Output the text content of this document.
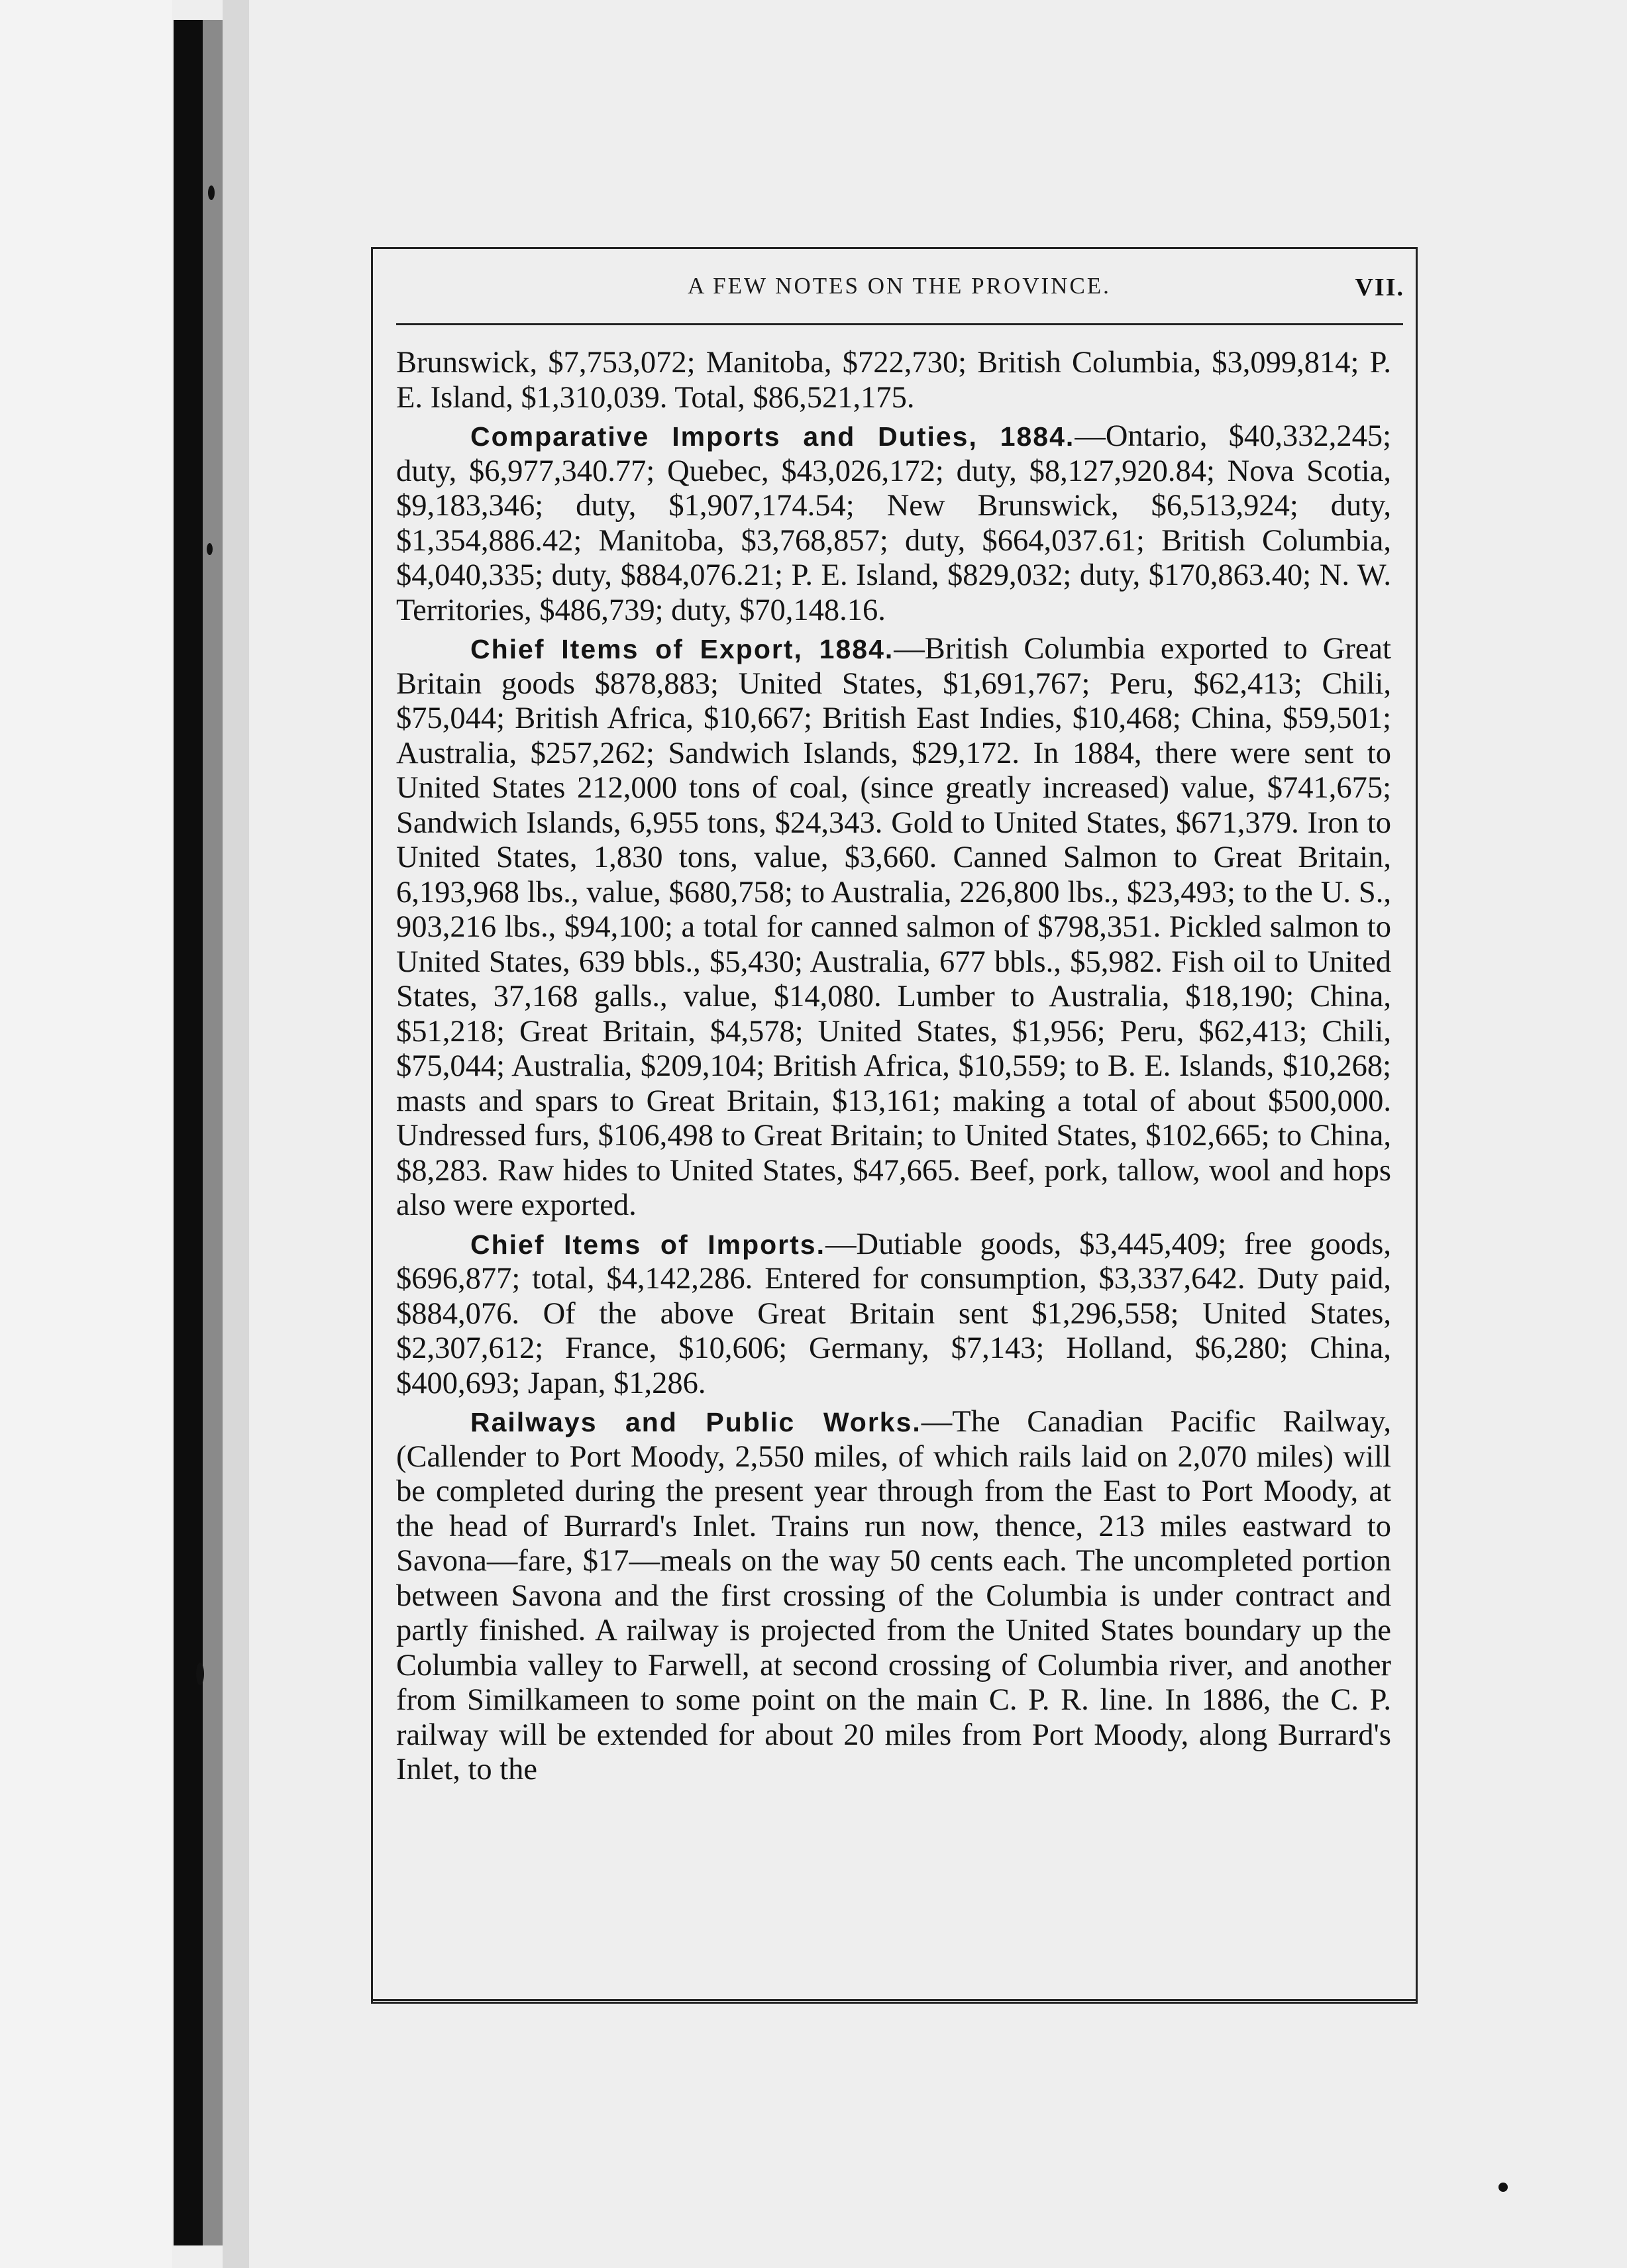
A FEW NOTES ON THE PROVINCE.	VII.

Brunswick, $7,753,072; Manitoba, $722,730; British Columbia, $3,099,814; P. E. Island, $1,310,039. Total, $86,521,175.

Comparative Imports and Duties, 1884.—Ontario, $40,332,245; duty, $6,977,340.77; Quebec, $43,026,172; duty, $8,127,920.84; Nova Scotia, $9,183,346; duty, $1,907,174.54; New Brunswick, $6,513,924; duty, $1,354,886.42; Manitoba, $3,768,857; duty, $664,037.61; British Columbia, $4,040,335; duty, $884,076.21; P. E. Island, $829,032; duty, $170,863.40; N. W. Territories, $486,739; duty, $70,148.16.

Chief Items of Export, 1884.—British Columbia exported to Great Britain goods $878,883; United States, $1,691,767; Peru, $62,413; Chili, $75,044; British Africa, $10,667; British East Indies, $10,468; China, $59,501; Australia, $257,262; Sandwich Islands, $29,172. In 1884, there were sent to United States 212,000 tons of coal, (since greatly increased) value, $741,675; Sandwich Islands, 6,955 tons, $24,343. Gold to United States, $671,379. Iron to United States, 1,830 tons, value, $3,660. Canned Salmon to Great Britain, 6,193,968 lbs., value, $680,758; to Australia, 226,800 lbs., $23,493; to the U. S., 903,216 lbs., $94,100; a total for canned salmon of $798,351. Pickled salmon to United States, 639 bbls., $5,430; Australia, 677 bbls., $5,982. Fish oil to United States, 37,168 galls., value, $14,080. Lumber to Australia, $18,190; China, $51,218; Great Britain, $4,578; United States, $1,956; Peru, $62,413; Chili, $75,044; Australia, $209,104; British Africa, $10,559; to B. E. Islands, $10,268; masts and spars to Great Britain, $13,161; making a total of about $500,000. Undressed furs, $106,498 to Great Britain; to United States, $102,665; to China, $8,283. Raw hides to United States, $47,665. Beef, pork, tallow, wool and hops also were exported.

Chief Items of Imports.—Dutiable goods, $3,445,409; free goods, $696,877; total, $4,142,286. Entered for consumption, $3,337,642. Duty paid, $884,076. Of the above Great Britain sent $1,296,558; United States, $2,307,612; France, $10,606; Germany, $7,143; Holland, $6,280; China, $400,693; Japan, $1,286.

Railways and Public Works.—The Canadian Pacific Railway, (Callender to Port Moody, 2,550 miles, of which rails laid on 2,070 miles) will be completed during the present year through from the East to Port Moody, at the head of Burrard's Inlet. Trains run now, thence, 213 miles eastward to Savona—fare, $17—meals on the way 50 cents each. The uncompleted portion between Savona and the first crossing of the Columbia is under contract and partly finished. A railway is projected from the United States boundary up the Columbia valley to Farwell, at second crossing of Columbia river, and another from Similkameen to some point on the main C. P. R. line. In 1886, the C. P. railway will be extended for about 20 miles from Port Moody, along Burrard's Inlet, to the
